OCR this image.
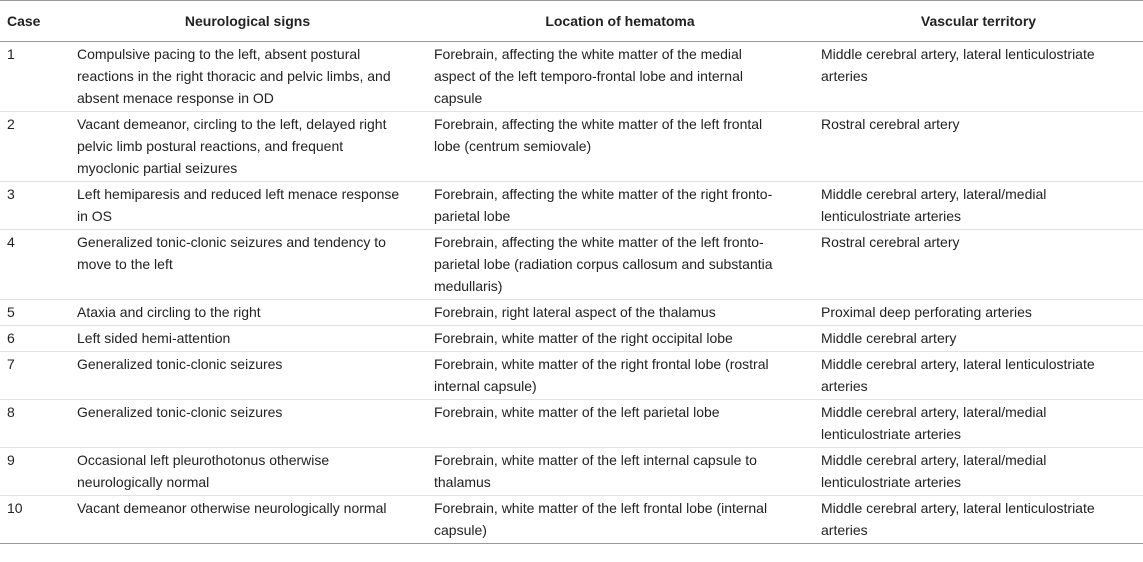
Case	Neurological signs	Location of hematoma	Vascular territory
1	Compulsive pacing to the left, absent postural reactions in the right thoracic and pelvic limbs, and absent menace response in OD	Forebrain, affecting the white matter of the medial aspect of the left temporo-frontal lobe and internal capsule	Middle cerebral artery, lateral lenticulostriate arteries
2	Vacant demeanor, circling to the left, delayed right pelvic limb postural reactions, and frequent myoclonic partial seizures	Forebrain, affecting the white matter of the left frontal lobe (centrum semiovale)	Rostral cerebral artery
3	Left hemiparesis and reduced left menace response in OS	Forebrain, affecting the white matter of the right fronto-parietal lobe	Middle cerebral artery, lateral/medial lenticulostriate arteries
4	Generalized tonic-clonic seizures and tendency to move to the left	Forebrain, affecting the white matter of the left fronto-parietal lobe (radiation corpus callosum and substantia medullaris)	Rostral cerebral artery
5	Ataxia and circling to the right	Forebrain, right lateral aspect of the thalamus	Proximal deep perforating arteries
6	Left sided hemi-attention	Forebrain, white matter of the right occipital lobe	Middle cerebral artery
7	Generalized tonic-clonic seizures	Forebrain, white matter of the right frontal lobe (rostral internal capsule)	Middle cerebral artery, lateral lenticulostriate arteries
8	Generalized tonic-clonic seizures	Forebrain, white matter of the left parietal lobe	Middle cerebral artery, lateral/medial lenticulostriate arteries
9	Occasional left pleurothotonus otherwise neurologically normal	Forebrain, white matter of the left internal capsule to thalamus	Middle cerebral artery, lateral/medial lenticulostriate arteries
10	Vacant demeanor otherwise neurologically normal	Forebrain, white matter of the left frontal lobe (internal capsule)	Middle cerebral artery, lateral lenticulostriate arteries
